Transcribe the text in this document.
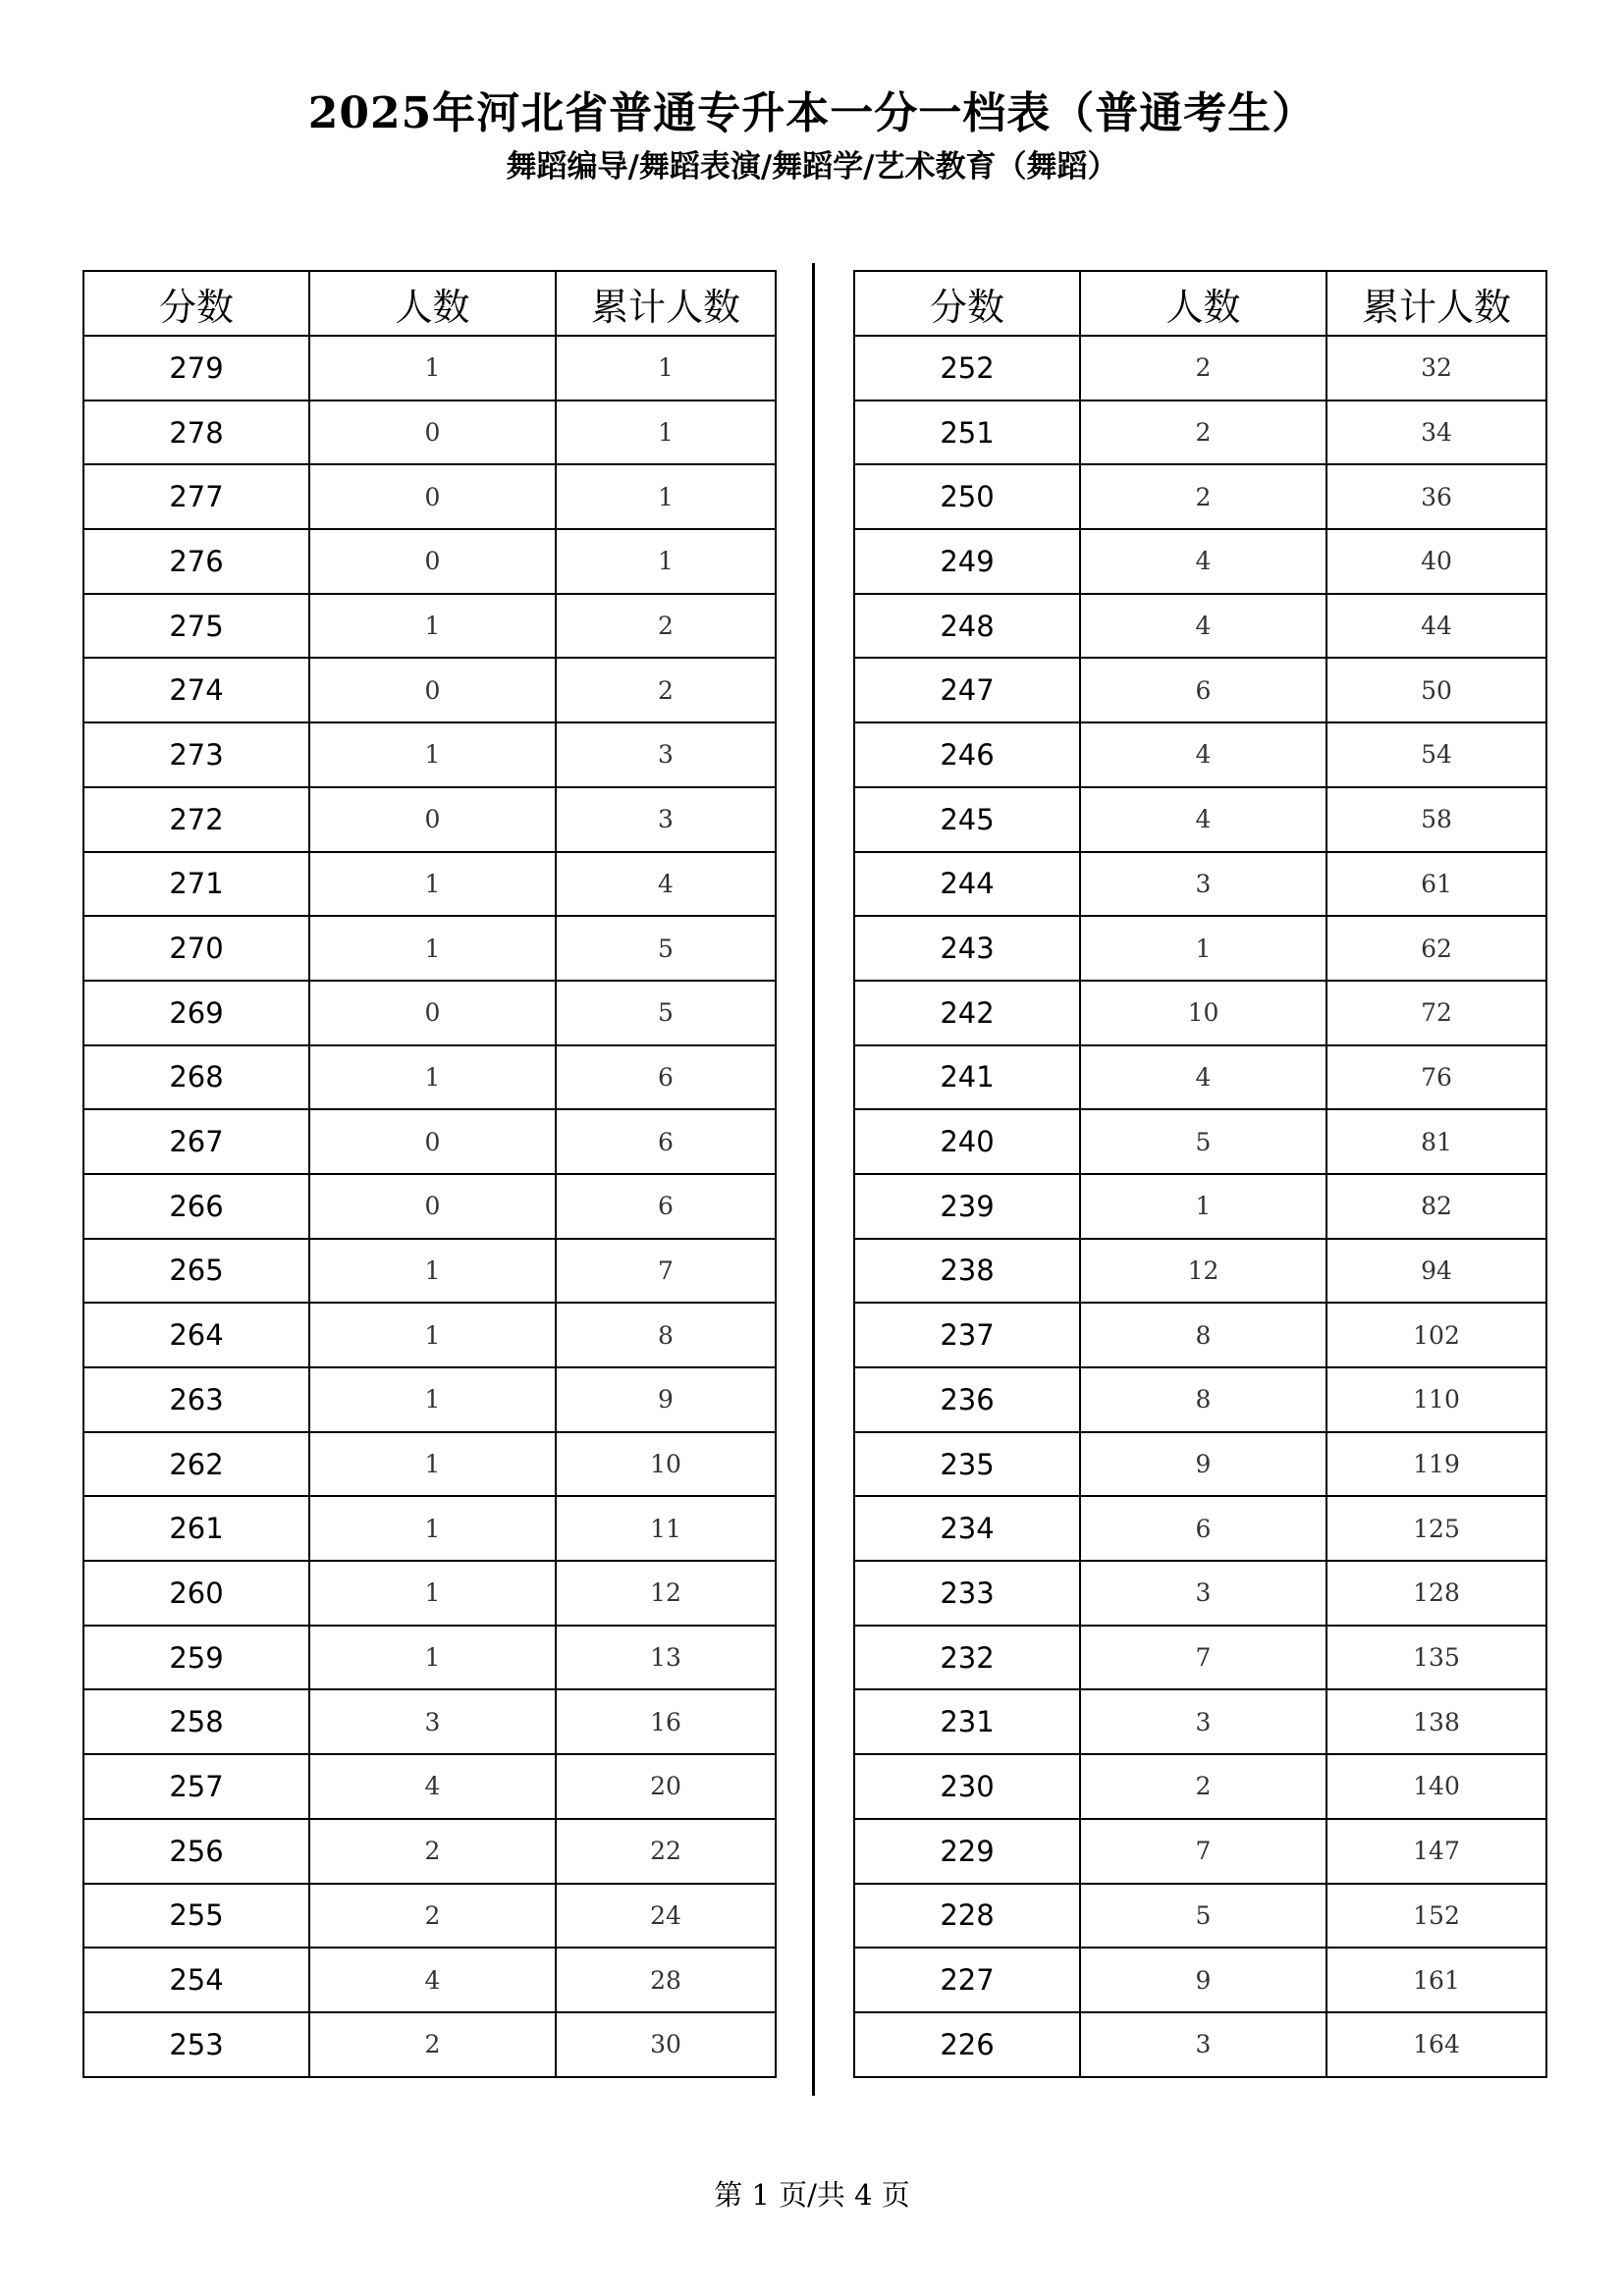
2025年河北省普通专升本一分一档表（普通考生）
舞蹈编导/舞蹈表演/舞蹈学/艺术教育（舞蹈）
分数	人数	累计人数
279	1	1
278	0	1
277	0	1
276	0	1
275	1	2
274	0	2
273	1	3
272	0	3
271	1	4
270	1	5
269	0	5
268	1	6
267	0	6
266	0	6
265	1	7
264	1	8
263	1	9
262	1	10
261	1	11
260	1	12
259	1	13
258	3	16
257	4	20
256	2	22
255	2	24
254	4	28
253	2	30
分数	人数	累计人数
252	2	32
251	2	34
250	2	36
249	4	40
248	4	44
247	6	50
246	4	54
245	4	58
244	3	61
243	1	62
242	10	72
241	4	76
240	5	81
239	1	82
238	12	94
237	8	102
236	8	110
235	9	119
234	6	125
233	3	128
232	7	135
231	3	138
230	2	140
229	7	147
228	5	152
227	9	161
226	3	164
第 1 页/共 4 页
